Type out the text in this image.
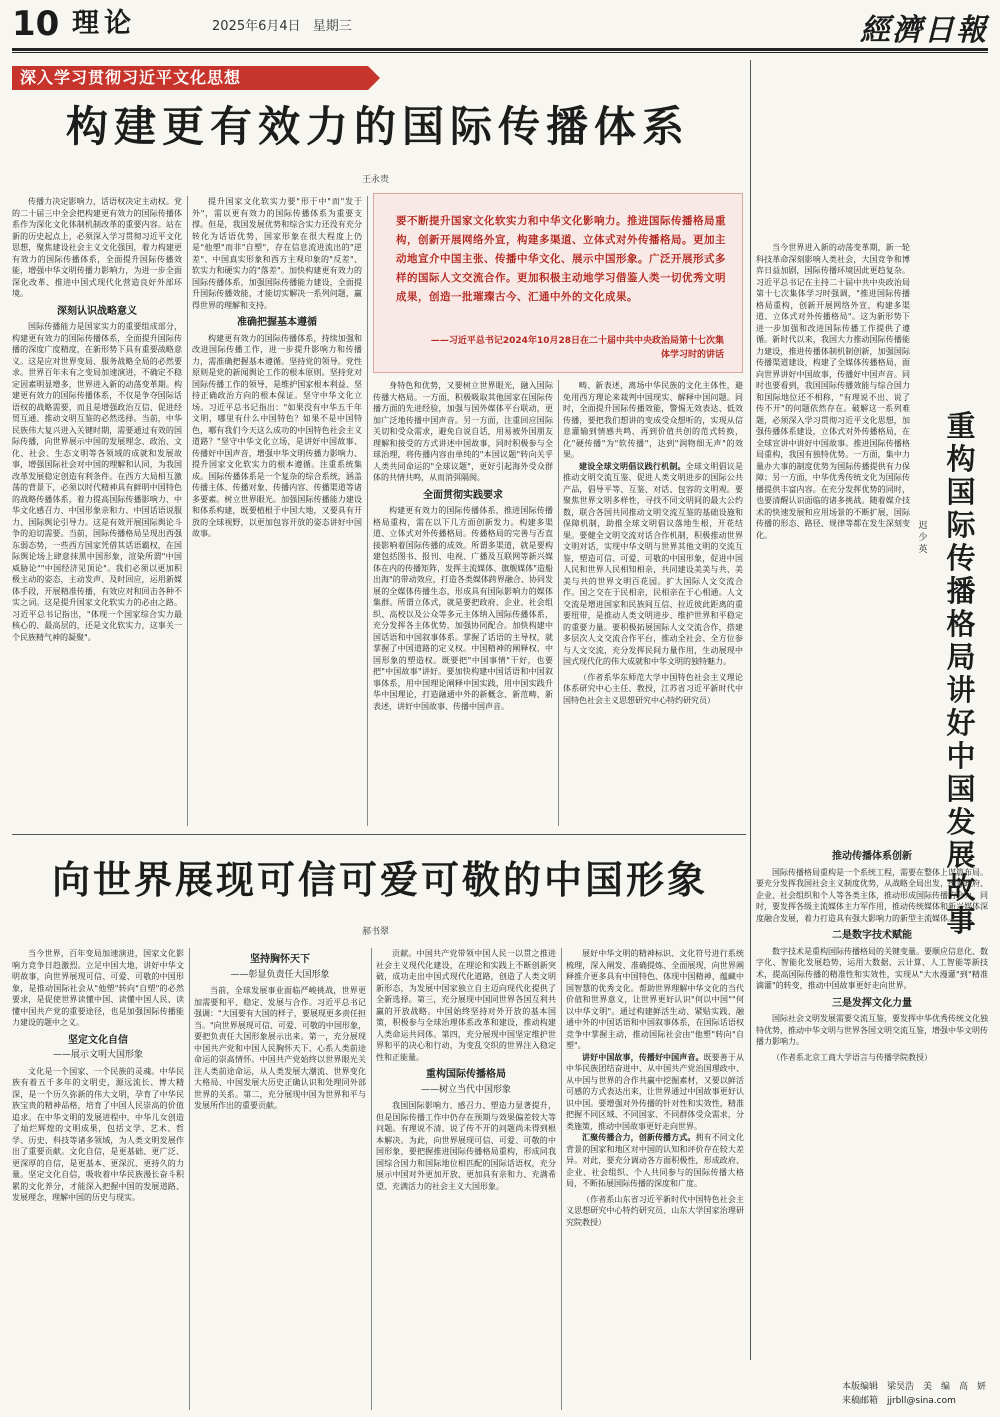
10 理论	2025年6月4日 星期三	經濟日報
深入学习贯彻习近平文化思想
构建更有效力的国际传播体系
王永贵

传播力决定影响力，话语权决定主动权。党的二十届三中全会把构建更有效力的国际传播体系作为深化文化体制机制改革的重要内容。站在新的历史起点上，必须深入学习贯彻习近平文化思想，聚焦建设社会主义文化强国，着力构建更有效力的国际传播体系，全面提升国际传播效能，增强中华文明传播力影响力，为进一步全面深化改革、推进中国式现代化营造良好外部环境。

深刻认识战略意义

国际传播能力是国家实力的重要组成部分，构建更有效力的国际传播体系，全面提升国际传播的深度广度精度，在新形势下具有重要战略意义。这是应对世界变局、服务战略全局的必然要求。世界百年未有之变局加速演进，不确定不稳定因素明显增多，世界进入新的动荡变革期。构建更有效力的国际传播体系，不仅是争夺国际话语权的战略需要，而且是增强政治互信、促进经贸互通、推动文明互鉴的必然选择。当前，中华民族伟大复兴进入关键时期，需要通过有效的国际传播，向世界展示中国的发展理念、政治、文化、社会、生态文明等各领域的成就和发展故事，增强国际社会对中国的理解和认同，为我国改革发展稳定创造有利条件。在西方大局相互激荡的背景下，必须以时代精神具有鲜明中国特色的战略传播体系，着力提高国际传播影响力、中华文化感召力、中国形象亲和力、中国话语说服力、国际舆论引导力。这是有效开展国际舆论斗争的迫切需要。当前，国际传播格局呈现出西强东弱态势，一些西方国家凭借其话语霸权，在国际舆论场上肆意抹黑中国形象，渲染所谓"中国威胁论""中国经济见顶论"。我们必须以更加积极主动的姿态，主动发声、及时回应，运用新媒体手段，开展精准传播，有效应对和回击各种不实之词。这是提升国家文化软实力的必由之路。习近平总书记指出，"体现一个国家综合实力最核心的、最高层的，还是文化软实力，这事关一个民族精气神的凝聚"。

提升国家文化软实力要"形于中"而"发于外"，需以更有效力的国际传播体系为重要支撑。但是，我国发展优势和综合实力还没有充分转化为话语优势，国家形象在很大程度上仍是"他塑"而非"自塑"，存在信息流进流出的"逆差"、中国真实形象和西方主观印象的"反差"、软实力和硬实力的"落差"。加快构建更有效力的国际传播体系，加强国际传播能力建设，全面提升国际传播效能，才能切实解决一系列问题，赢得世界的理解和支持。

准确把握基本遵循

构建更有效力的国际传播体系，持续加强和改进国际传播工作，进一步提升影响力和传播力，需准确把握基本遵循。坚持党的领导。党性原则是党的新闻舆论工作的根本原则。坚持党对国际传播工作的领导，是维护国家根本利益、坚持正确政治方向的根本保证。坚守中华文化立场。习近平总书记指出："如果没有中华五千年文明，哪里有什么中国特色？如果不是中国特色，哪有我们今天这么成功的中国特色社会主义道路？"坚守中华文化立场，是讲好中国故事、传播好中国声音，增强中华文明传播力影响力、提升国家文化软实力的根本遵循。注重系统集成。国际传播体系是一个复杂的综合系统，涵盖传播主体、传播对象、传播内容、传播渠道等诸多要素。树立世界眼光。加强国际传播能力建设和体系构建，既要植根于中国大地，又要具有开放的全球视野，以更加包容开放的姿态讲好中国故事。

要不断提升国家文化软实力和中华文化影响力。推进国际传播格局重构，创新开展网络外宣，构建多渠道、立体式对外传播格局。更加主动地宣介中国主张、传播中华文化、展示中国形象。广泛开展形式多样的国际人文交流合作。更加积极主动地学习借鉴人类一切优秀文明成果，创造一批璀璨古今、汇通中外的文化成果。
——习近平总书记2024年10月28日在二十届中共中央政治局第十七次集体学习时的讲话

身特色和优势，又要树立世界眼光，融入国际传播大格局。一方面，积极吸取其他国家在国际传播方面的先进经验，加强与国外媒体平台联动，更加广泛地传播中国声音。另一方面，注重回应国际关切和受众需求，避免自说自话，用易被外国朋友理解和接受的方式讲述中国故事，同时积极参与全球治理，将传播内容由单纯的"本国议题"转向关乎人类共同命运的"全球议题"，更好引起海外受众群体的共情共鸣，从而消弭隔阂。

全面贯彻实践要求

构建更有效力的国际传播体系，推进国际传播格局重构，需在以下几方面创新发力。构建多渠道、立体式对外传播格局。传播格局的完善与否直接影响着国际传播的成效。所谓多渠道，就是要构建包括图书、报刊、电视、广播及互联网等新兴媒体在内的传播矩阵，发挥主流媒体、旗舰媒体"造船出海"的带动效应，打造各类媒体跨界融合、协同发展的全媒体传播生态，形成具有国际影响力的媒体集群。所谓立体式，就是要把政府、企业、社会组织、高校以及公众等多元主体纳入国际传播体系，充分发挥各主体优势，加强协同配合。加快构建中国话语和中国叙事体系。掌握了话语的主导权，就掌握了中国道路的定义权。中国精神的阐释权、中国形象的塑造权。既要把"中国事情"干好，也要把"中国故事"讲好。要加快构建中国话语和中国叙事体系，用中国理论阐释中国实践，用中国实践升华中国理论，打造融通中外的新概念、新范畴、新表述，讲好中国故事、传播中国声音。

畴、新表述，离场中华民族的文化主体性，避免用西方理论来裁判中国现实、解释中国问题。同时，全面提升国际传播效能，警惕无效表达、低效传播，要把我们想讲的变成受众想听的，实现从信息灌输到情感共鸣、再到价值共创的范式转换，化"硬传播"为"软传播"，达到"润物细无声"的效果。

建设全球文明倡议践行机制。全球文明倡议是推动文明交流互鉴、促进人类文明进步的国际公共产品，倡导平等、互鉴、对话、包容的文明观。要聚焦世界文明多样性，寻找不同文明间的最大公约数，联合各国共同推动文明交流互鉴的基础设施和保障机制，助推全球文明倡议落地生根，开花结果。要健全文明交流对话合作机制，积极推动世界文明对话，实现中华文明与世界其他文明的交流互鉴，塑造可信、可爱、可敬的中国形象，促进中国人民和世界人民相知相亲，共同建设美美与共、美美与共的世界文明百花园。扩大国际人文交流合作。国之交在于民相亲，民相亲在于心相通。人文交流是增进国家和民族间互信、拉近彼此距离的重要纽带，是推动人类文明进步、维护世界和平稳定的重要力量。要积极拓展国际人文交流合作，搭建多层次人文交流合作平台，推动全社会、全方位参与人文交流，充分发挥民间力量作用，生动展现中国式现代化的伟大成就和中华文明的独特魅力。

（作者系华东师范大学中国特色社会主义理论体系研究中心主任、教授，江苏省习近平新时代中国特色社会主义思想研究中心特约研究员）

重构国际传播格局讲好中国发展故事
迟少英

当今世界进入新的动荡变革期，新一轮科技革命深刻影响人类社会，大国竞争和博弈日益加剧，国际传播环境因此更趋复杂。习近平总书记在主持二十届中共中央政治局第十七次集体学习时强调，"推进国际传播格局重构，创新开展网络外宣，构建多渠道、立体式对外传播格局"。这为新形势下进一步加强和改进国际传播工作提供了遵循。新时代以来，我国大力推动国际传播能力建设，推进传播体制机制创新，加强国际传播渠道建设，构建了全媒体传播格局，面向世界讲好中国故事，传播好中国声音。同时也要看到，我国国际传播效能与综合国力和国际地位还不相称，"有理说不出、说了传不开"的问题依然存在。破解这一系列难题，必须深入学习贯彻习近平文化思想，加强传播体系建设，立体式对外传播格局，在全球宣讲中讲好中国故事。推进国际传播格局重构，我国有独特优势。一方面，集中力量办大事的制度优势为国际传播提供有力保障；另一方面，中华优秀传统文化为国际传播提供丰富内容。在充分发挥优势的同时，也要清醒认识面临的诸多挑战。随着媒介技术的快速发展和应用场景的不断扩展，国际传播的形态、路径、规律等都在发生深刻变化。

推动传播体系创新

国际传播格局重构是一个系统工程，需要在整体上谋篇布局。要充分发挥我国社会主义制度优势，从战略全局出发，统筹政府、企业、社会组织和个人等各类主体，推动形成国际传播的合力。同时，要发挥各级主流媒体主力军作用，推动传统媒体和新兴媒体深度融合发展，着力打造具有强大影响力的新型主流媒体。

二是数字技术赋能

数字技术是重构国际传播格局的关键变量。要顺应信息化、数字化、智能化发展趋势，运用大数据、云计算、人工智能等新技术，提高国际传播的精准性和实效性，实现从"大水漫灌"到"精准滴灌"的转变，推动中国故事更好走向世界。

三是发挥文化力量

国际社会文明发展需要交流互鉴，要发挥中华优秀传统文化独特优势，推动中华文明与世界各国文明交流互鉴，增强中华文明传播力影响力。

（作者系北京工商大学语言与传播学院教授）

向世界展现可信可爱可敬的中国形象
郝书翠

当今世界，百年变局加速演进，国家文化影响力竞争日趋激烈。立足中国大地，讲好中华文明故事，向世界展现可信、可爱、可敬的中国形象，是推动国际社会从"他塑"转向"自塑"的必然要求，是促使世界读懂中国、读懂中国人民、读懂中国共产党的重要途径，也是加强国际传播能力建设的题中之义。

坚定文化自信

——展示文明大国形象

文化是一个国家、一个民族的灵魂。中华民族有着五千多年的文明史，源远流长、博大精深，是一个历久弥新的伟大文明，孕育了中华民族宝贵的精神品格，培育了中国人民崇高的价值追求。在中华文明的发展进程中，中华儿女创造了灿烂辉煌的文明成果，包括文学、艺术、哲学、历史、科技等诸多领域，为人类文明发展作出了重要贡献。文化自信，是更基础、更广泛、更深厚的自信，是更基本、更深沉、更持久的力量。坚定文化自信，吸收着中华民族漫长奋斗积累的文化养分，才能深入把握中国的发展道路、发展理念，理解中国的历史与现实。

坚持胸怀天下

——彰显负责任大国形象

当前，全球发展事业面临严峻挑战，世界更加需要和平、稳定、发展与合作。习近平总书记强调："大国要有大国的样子，要展现更多责任担当。"向世界展现可信、可爱、可敬的中国形象，要把负责任大国形象展示出来。第一，充分展现中国共产党和中国人民胸怀天下、心系人类前途命运的崇高情怀。中国共产党始终以世界眼光关注人类前途命运，从人类发展大潮流、世界变化大格局、中国发展大历史正确认识和处理同外部世界的关系。第二，充分展现中国为世界和平与发展所作出的重要贡献。

贡献。中国共产党带领中国人民一以贯之推进社会主义现代化建设，在理论和实践上不断创新突破，成功走出中国式现代化道路，创造了人类文明新形态，为发展中国家独立自主迈向现代化提供了全新选择。第三，充分展现中国同世界各国互利共赢的开放战略。中国始终坚持对外开放的基本国策，积极参与全球治理体系改革和建设，推动构建人类命运共同体。第四，充分展现中国坚定维护世界和平的决心和行动，为变乱交织的世界注入稳定性和正能量。

重构国际传播格局

——树立当代中国形象

我国国际影响力、感召力、塑造力显著提升，但是国际传播工作中仍存在预期与效果偏差较大等问题。有理说不清、说了传不开的问题尚未得到根本解决。为此，向世界展现可信、可爱、可敬的中国形象，要把握推进国际传播格局重构，形成同我国综合国力和国际地位相匹配的国际话语权，充分展示中国对外更加开放、更加具有亲和力、充满希望、充满活力的社会主义大国形象。

展好中华文明的精神标识、文化符号进行系统梳理，深入阐发、准确提炼、全面展现，向世界阐释推介更多具有中国特色、体现中国精神、蕴藏中国智慧的优秀文化。帮助世界理解中华文化的当代价值和世界意义，让世界更好认识"何以中国""何以中华文明"。通过构建鲜活生动、紧贴实践、融通中外的中国话语和中国叙事体系，在国际话语权竞争中掌握主动，推动国际社会由"他塑"转向"自塑"。

讲好中国故事，传播好中国声音。既要善于从中华民族团结奋进中、从中国共产党治国理政中、从中国与世界的合作共赢中挖掘素材，又要以鲜活可感的方式表达出来，让世界通过中国故事更好认识中国。要增强对外传播的针对性和实效性，精准把握不同区域、不同国家、不同群体受众需求，分类施策，推动中国故事更好走向世界。

汇聚传播合力，创新传播方式。拥有不同文化背景的国家和地区对中国的认知和评价存在较大差异。对此，要充分调动各方面积极性，形成政府、企业、社会组织、个人共同参与的国际传播大格局，不断拓展国际传播的深度和广度。

（作者系山东省习近平新时代中国特色社会主义思想研究中心特约研究员、山东大学国家治理研究院教授）

本版编辑　梁昊浩　美　编　高　妍
来稿邮箱　jjrbll@sina.com
